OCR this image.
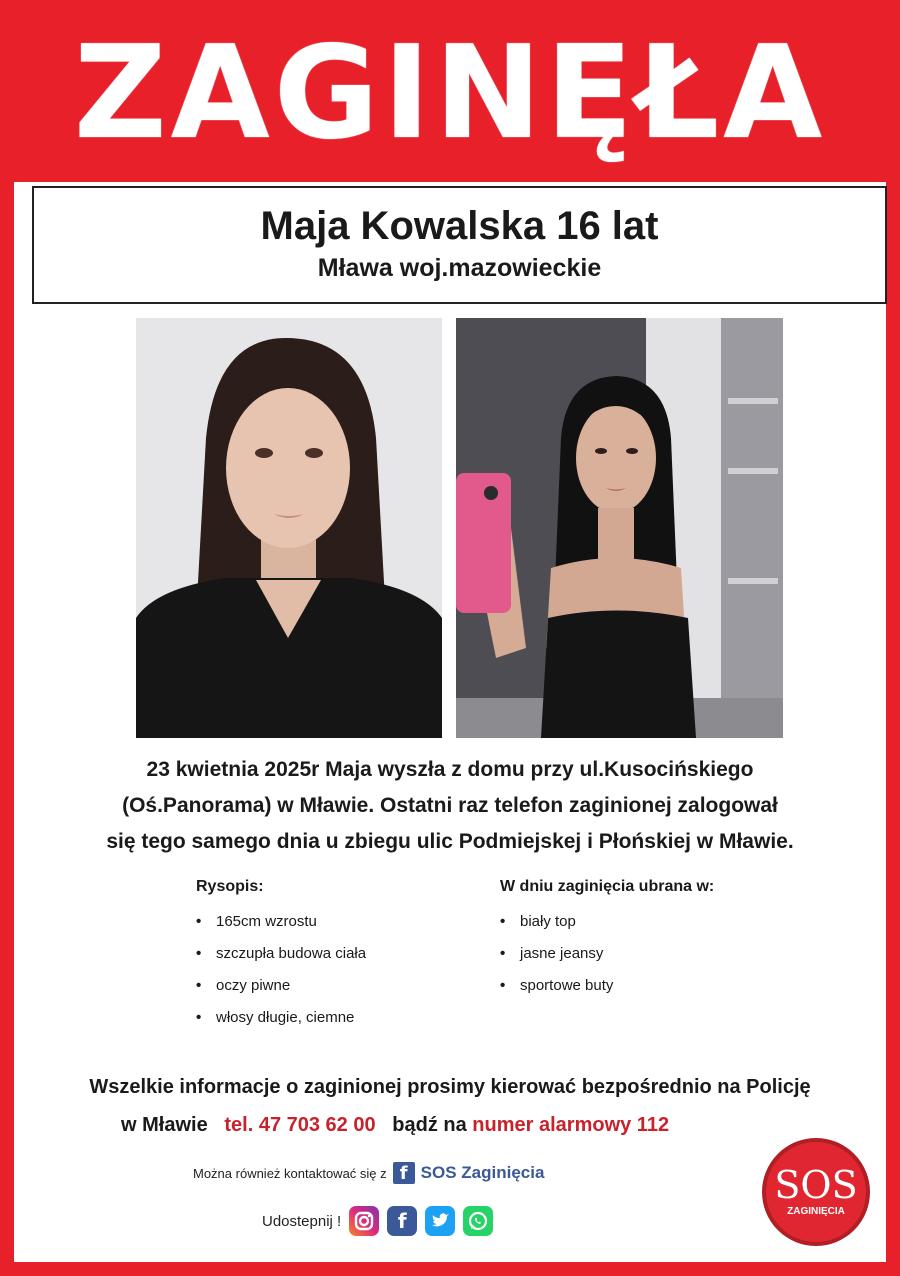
ZAGINĘŁA
Maja Kowalska 16 lat
Mława woj.mazowieckie
23 kwietnia 2025r Maja wyszła z domu przy ul.Kusocińskiego
(Oś.Panorama) w Mławie. Ostatni raz telefon zaginionej zalogował
się tego samego dnia u zbiegu ulic Podmiejskej i Płońskiej w Mławie.
Rysopis:
• 165cm wzrostu
• szczupła budowa ciała
• oczy piwne
• włosy długie, ciemne
W dniu zaginięcia ubrana w:
• biały top
• jasne jeansy
• sportowe buty
Wszelkie informacje o zaginionej prosimy kierować bezpośrednio na Policję
w Mławie tel. 47 703 62 00 bądź na numer alarmowy 112
Można również kontaktować się z f SOS Zaginięcia
Udostepnij !	f
SOS
ZAGINIĘCIA
